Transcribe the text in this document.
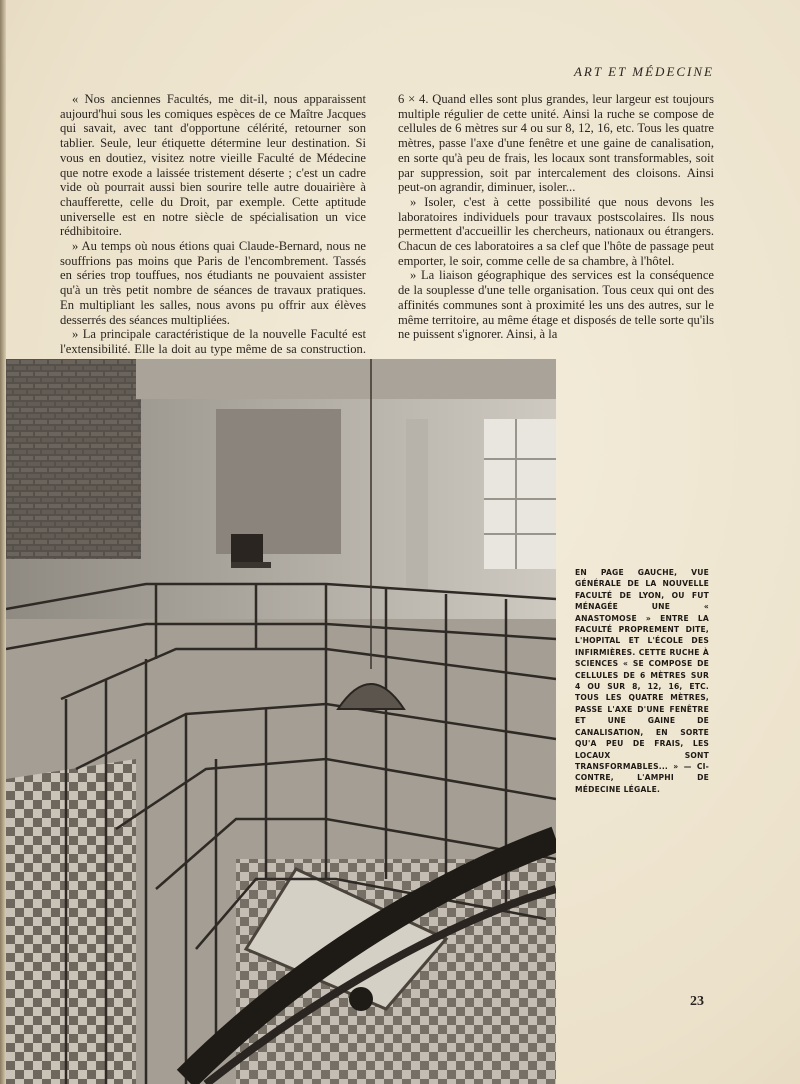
ART ET MÉDECINE

« Nos anciennes Facultés, me dit-il, nous apparaissent aujourd'hui sous les comiques espèces de ce Maître Jacques qui savait, avec tant d'opportune célérité, retourner son tablier. Seule, leur étiquette détermine leur destination. Si vous en doutiez, visitez notre vieille Faculté de Médecine que notre exode a laissée tristement déserte ; c'est un cadre vide où pourrait aussi bien sourire telle autre douairière à chaufferette, celle du Droit, par exemple. Cette aptitude universelle est en notre siècle de spécialisation un vice rédhibitoire.

» Au temps où nous étions quai Claude-Bernard, nous ne souffrions pas moins que Paris de l'encombrement. Tassés en séries trop touffues, nos étudiants ne pouvaient assister qu'à un très petit nombre de séances de travaux pratiques. En multipliant les salles, nous avons pu offrir aux élèves desserrés des séances multipliées.

» La principale caractéristique de la nouvelle Faculté est l'extensibilité. Elle la doit au type même de sa construction.

6 × 4. Quand elles sont plus grandes, leur largeur est toujours multiple régulier de cette unité. Ainsi la ruche se compose de cellules de 6 mètres sur 4 ou sur 8, 12, 16, etc. Tous les quatre mètres, passe l'axe d'une fenêtre et une gaine de canalisation, en sorte qu'à peu de frais, les locaux sont transformables, soit par suppression, soit par intercalement des cloisons. Ainsi peut-on agrandir, diminuer, isoler...

» Isoler, c'est à cette possibilité que nous devons les laboratoires individuels pour travaux postscolaires. Ils nous permettent d'accueillir les chercheurs, nationaux ou étrangers. Chacun de ces laboratoires a sa clef que l'hôte de passage peut emporter, le soir, comme celle de sa chambre, à l'hôtel.

» La liaison géographique des services est la conséquence de la souplesse d'une telle organisation. Tous ceux qui ont des affinités communes sont à proximité les uns des autres, sur le même territoire, au même étage et disposés de telle sorte qu'ils ne puissent s'ignorer. Ainsi, à la

EN PAGE GAUCHE, VUE GÉNÉRALE DE LA NOUVELLE FACULTÉ DE LYON, OU FUT MÉNAGÉE UNE « ANASTOMOSE » ENTRE LA FACULTÉ PROPREMENT DITE, L'HOPITAL ET L'ÉCOLE DES INFIRMIÈRES. CETTE RUCHE À SCIENCES « SE COMPOSE DE CELLULES DE 6 MÈTRES SUR 4 OU SUR 8, 12, 16, ETC. TOUS LES QUATRE MÈTRES, PASSE L'AXE D'UNE FENÊTRE ET UNE GAINE DE CANALISATION, EN SORTE QU'A PEU DE FRAIS, LES LOCAUX SONT TRANSFORMABLES... » — CI-CONTRE, L'AMPHI DE MÉDECINE LÉGALE.
23
